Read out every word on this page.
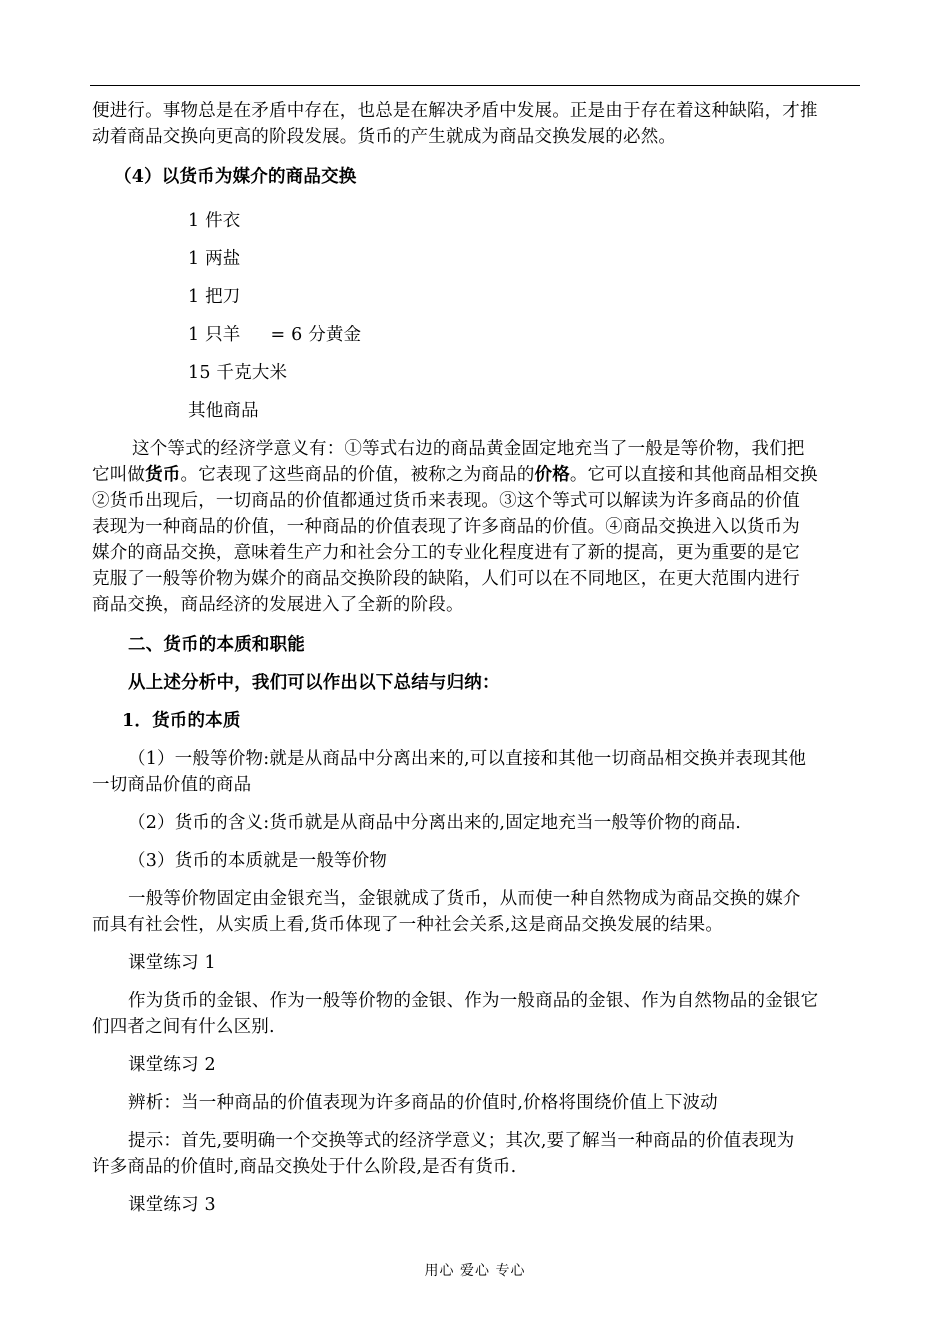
便进行。事物总是在矛盾中存在，也总是在解决矛盾中发展。正是由于存在着这种缺陷，才推

动着商品交换向更高的阶段发展。货币的产生就成为商品交换发展的必然。

（4）以货币为媒介的商品交换

1 件衣

1 两盐

1 把刀

1 只羊 = 6 分黄金

15 千克大米

其他商品

这个等式的经济学意义有：①等式右边的商品黄金固定地充当了一般是等价物，我们把

它叫做货币。它表现了这些商品的价值，被称之为商品的价格。它可以直接和其他商品相交换

②货币出现后，一切商品的价值都通过货币来表现。③这个等式可以解读为许多商品的价值

表现为一种商品的价值，一种商品的价值表现了许多商品的价值。④商品交换进入以货币为

媒介的商品交换，意味着生产力和社会分工的专业化程度进有了新的提高，更为重要的是它

克服了一般等价物为媒介的商品交换阶段的缺陷，人们可以在不同地区，在更大范围内进行

商品交换，商品经济的发展进入了全新的阶段。

二、货币的本质和职能

从上述分析中，我们可以作出以下总结与归纳：

1．货币的本质

（1）一般等价物:就是从商品中分离出来的,可以直接和其他一切商品相交换并表现其他

一切商品价值的商品

（2）货币的含义:货币就是从商品中分离出来的,固定地充当一般等价物的商品.

（3）货币的本质就是一般等价物

一般等价物固定由金银充当，金银就成了货币，从而使一种自然物成为商品交换的媒介

而具有社会性，从实质上看,货币体现了一种社会关系,这是商品交换发展的结果。

课堂练习 1

作为货币的金银、作为一般等价物的金银、作为一般商品的金银、作为自然物品的金银它

们四者之间有什么区别.

课堂练习 2

辨析：当一种商品的价值表现为许多商品的价值时,价格将围绕价值上下波动

提示：首先,要明确一个交换等式的经济学意义；其次,要了解当一种商品的价值表现为

许多商品的价值时,商品交换处于什么阶段,是否有货币.

课堂练习 3

用心 爱心 专心
